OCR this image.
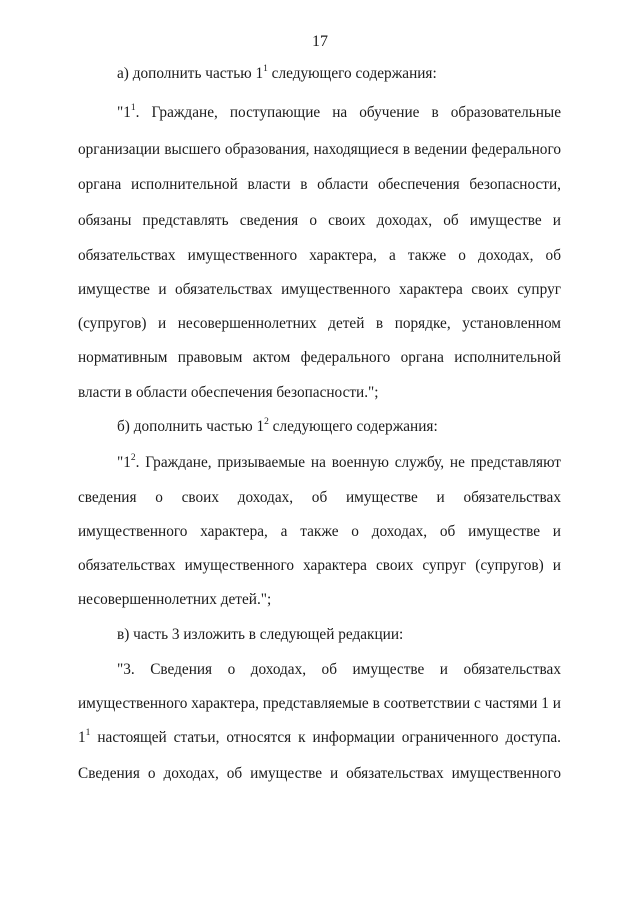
17
а) дополнить частью $1^1$ следующего содержания:
"$1^1$. Граждане, поступающие на обучение в образовательные
организации высшего образования, находящиеся в ведении федерального
органа исполнительной власти в области обеспечения безопасности,
обязаны представлять сведения о своих доходах, об имуществе и
обязательствах имущественного характера, а также о доходах, об
имуществе и обязательствах имущественного характера своих супруг
(супругов) и несовершеннолетних детей в порядке, установленном
нормативным правовым актом федерального органа исполнительной
власти в области обеспечения безопасности.";
б) дополнить частью $1^2$ следующего содержания:
"$1^2$. Граждане, призываемые на военную службу, не представляют
сведения о своих доходах, об имуществе и обязательствах
имущественного характера, а также о доходах, об имуществе и
обязательствах имущественного характера своих супруг (супругов) и
несовершеннолетних детей.";
в) часть 3 изложить в следующей редакции:
"3. Сведения о доходах, об имуществе и обязательствах
имущественного характера, представляемые в соответствии с частями 1 и
$1^1$ настоящей статьи, относятся к информации ограниченного доступа.
Сведения о доходах, об имуществе и обязательствах имущественного
